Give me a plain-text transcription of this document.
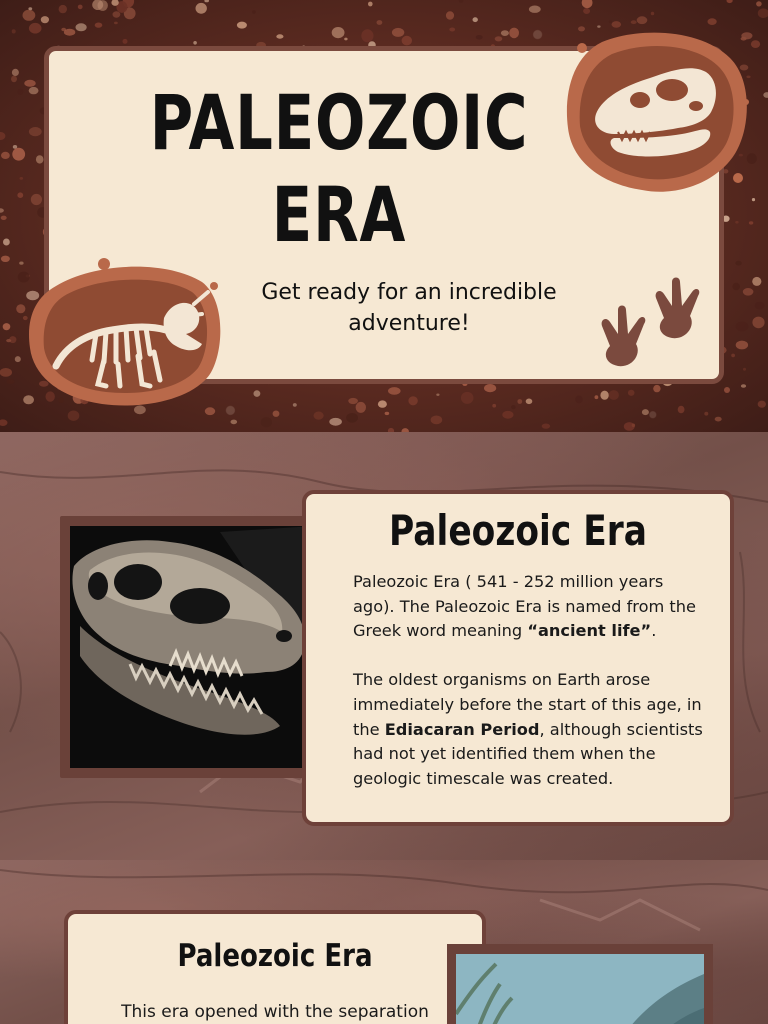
PALEOZOIC ERA

Get ready for an incredible adventure!

Paleozoic Era

Paleozoic Era ( 541 - 252 million years ago). The Paleozoic Era is named from the Greek word meaning “ancient life”.

The oldest organisms on Earth arose immediately before the start of this age, in the Ediacaran Period, although scientists had not yet identified them when the geologic timescale was created.

Paleozoic Era

This era opened with the separation
